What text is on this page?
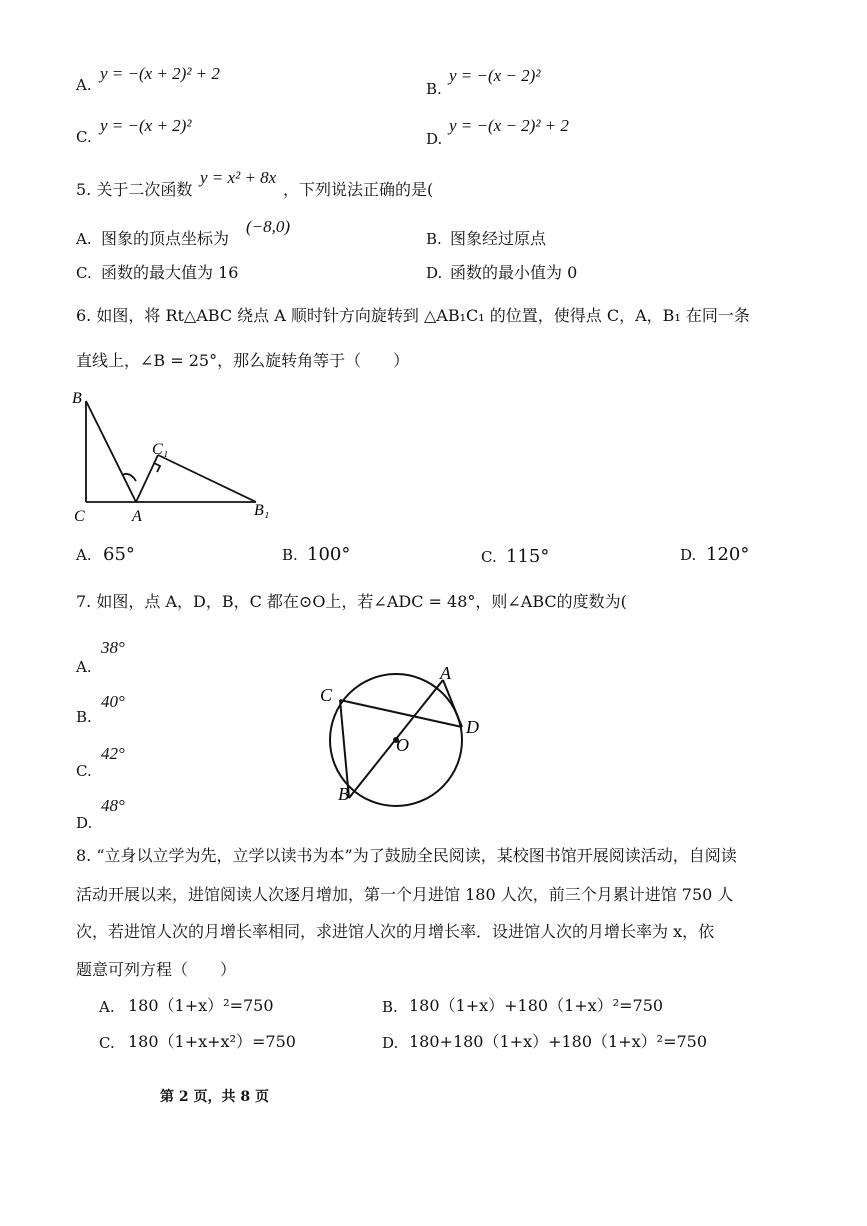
A.
y = −(x + 2)² + 2
B.
y = −(x − 2)²
C.
y = −(x + 2)²
D.
y = −(x − 2)² + 2
5. 关于二次函数
y = x² + 8x
，下列说法正确的是(
A. 图象的顶点坐标为
(−8,0)
B. 图象经过原点
C. 函数的最大值为 16	D. 函数的最小值为 0
6. 如图，将 Rt△ABC 绕点 A 顺时针方向旋转到 △AB₁C₁ 的位置，使得点 C，A，B₁ 在同一条
直线上，∠B = 25°，那么旋转角等于（　　）
B
C₁
C	A	B₁
A. 65°	B. 100°	C. 115°	D. 120°
7. 如图，点 A，D，B，C 都在⊙O上，若∠ADC = 48°，则∠ABC的度数为(
A.
38°
B.
40°
C.
42°
D.
48°
A
C
D
O
B
8. “立身以立学为先，立学以读书为本”为了鼓励全民阅读，某校图书馆开展阅读活动，自阅读
活动开展以来，进馆阅读人次逐月增加，第一个月进馆 180 人次，前三个月累计进馆 750 人
次，若进馆人次的月增长率相同，求进馆人次的月增长率．设进馆人次的月增长率为 x，依
题意可列方程（　　）
A. 180（1+x）²=750	B. 180（1+x）+180（1+x）²=750
C. 180（1+x+x²）=750	D. 180+180（1+x）+180（1+x）²=750
第 2 页，共 8 页
